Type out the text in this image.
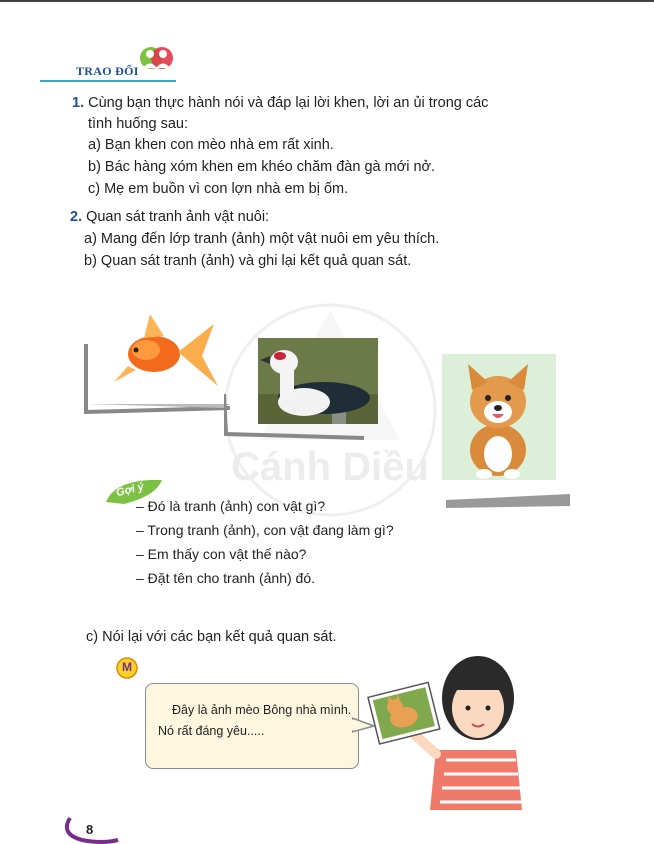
TRAO ĐỔI
1. Cùng bạn thực hành nói và đáp lại lời khen, lời an ủi trong các
tình huống sau:
a) Bạn khen con mèo nhà em rất xinh.
b) Bác hàng xóm khen em khéo chăm đàn gà mới nở.
c) Mẹ em buồn vì con lợn nhà em bị ốm.
2. Quan sát tranh ảnh vật nuôi:
a) Mang đến lớp tranh (ảnh) một vật nuôi em yêu thích.
b) Quan sát tranh (ảnh) và ghi lại kết quả quan sát.
Cánh Diều
Gợi ý
– Đó là tranh (ảnh) con vật gì?
– Trong tranh (ảnh), con vật đang làm gì?
– Em thấy con vật thế nào?
– Đặt tên cho tranh (ảnh) đó.
c) Nói lại với các bạn kết quả quan sát.
M
Đây là ảnh mèo Bông nhà mình.
Nó rất đáng yêu.....
8
